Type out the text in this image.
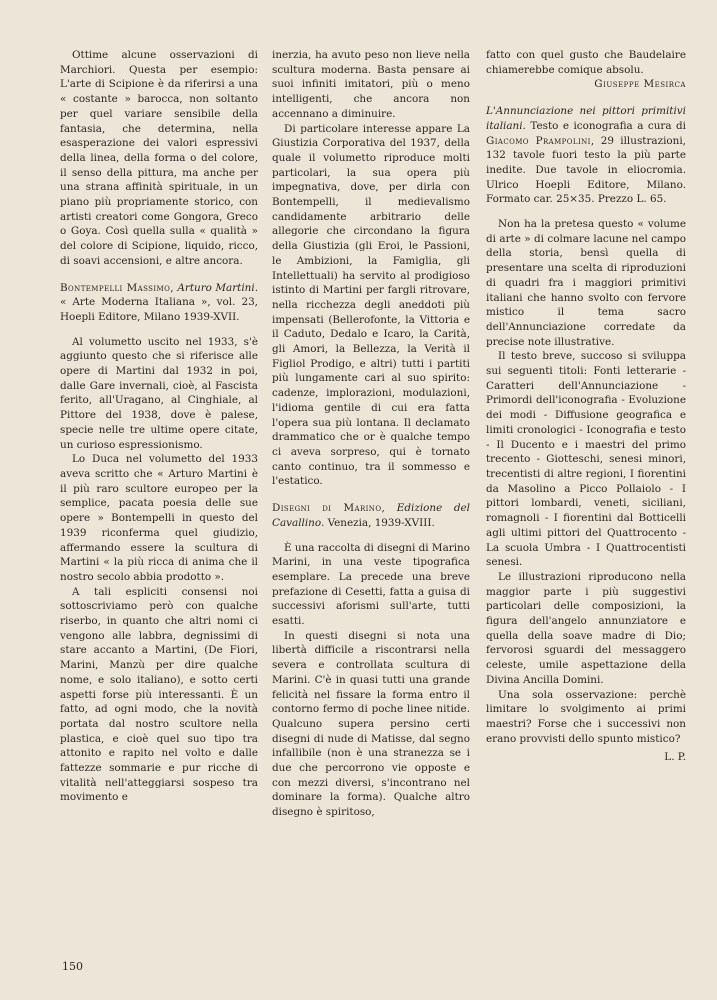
Ottime alcune osservazioni di Marchiori. Questa per esempio: L'arte di Scipione è da riferirsi a una « costante » barocca, non soltanto per quel variare sensibile della fantasia, che determina, nella esasperazione dei valori espressivi della linea, della forma o del colore, il senso della pittura, ma anche per una strana affinità spirituale, in un piano più propriamente storico, con artisti creatori come Gongora, Greco o Goya. Così quella sulla « qualità » del colore di Scipione, liquido, ricco, di soavi accensioni, e altre ancora.

Bontempelli Massimo, Arturo Martini. « Arte Moderna Italiana », vol. 23, Hoepli Editore, Milano 1939-XVII.

Al volumetto uscito nel 1933, s'è aggiunto questo che si riferisce alle opere di Martini dal 1932 in poi, dalle Gare invernali, cioè, al Fascista ferito, all'Uragano, al Cinghiale, al Pittore del 1938, dove è palese, specie nelle tre ultime opere citate, un curioso espressionismo.

Lo Duca nel volumetto del 1933 aveva scritto che « Arturo Martini è il più raro scultore europeo per la semplice, pacata poesia delle sue opere » Bontempelli in questo del 1939 riconferma quel giudizio, affermando essere la scultura di Martini « la più ricca di anima che il nostro secolo abbia prodotto ».

A tali espliciti consensi noi sottoscriviamo però con qualche riserbo, in quanto che altri nomi ci vengono alle labbra, degnissimi di stare accanto a Martini, (De Fiori, Marini, Manzù per dire qualche nome, e solo italiano), e sotto certi aspetti forse più interessanti. È un fatto, ad ogni modo, che la novità portata dal nostro scultore nella plastica, e cioè quel suo tipo tra attonito e rapito nel volto e dalle fattezze sommarie e pur ricche di vitalità nell'atteggiarsi sospeso tra movimento e

inerzia, ha avuto peso non lieve nella scultura moderna. Basta pensare ai suoi infiniti imitatori, più o meno intelligenti, che ancora non accennano a diminuire.

Di particolare interesse appare La Giustizia Corporativa del 1937, della quale il volumetto riproduce molti particolari, la sua opera più impegnativa, dove, per dirla con Bontempelli, il medievalismo candidamente arbitrario delle allegorie che circondano la figura della Giustizia (gli Eroi, le Passioni, le Ambizioni, la Famiglia, gli Intellettuali) ha servito al prodigioso istinto di Martini per fargli ritrovare, nella ricchezza degli aneddoti più impensati (Bellerofonte, la Vittoria e il Caduto, Dedalo e Icaro, la Carità, gli Amori, la Bellezza, la Verità il Figliol Prodigo, e altri) tutti i partiti più lungamente cari al suo spirito: cadenze, implorazioni, modulazioni, l'idioma gentile di cui era fatta l'opera sua più lontana. Il declamato drammatico che or è qualche tempo ci aveva sorpreso, qui è tornato canto continuo, tra il sommesso e l'estatico.

Disegni di Marino, Edizione del Cavallino. Venezia, 1939-XVIII.

È una raccolta di disegni di Marino Marini, in una veste tipografica esemplare. La precede una breve prefazione di Cesetti, fatta a guisa di successivi aforismi sull'arte, tutti esatti.

In questi disegni si nota una libertà difficile a riscontrarsi nella severa e controllata scultura di Marini. C'è in quasi tutti una grande felicità nel fissare la forma entro il contorno fermo di poche linee nitide. Qualcuno supera persino certi disegni di nude di Matisse, dal segno infallibile (non è una stranezza se i due che percorrono vie opposte e con mezzi diversi, s'incontrano nel dominare la forma). Qualche altro disegno è spiritoso,

fatto con quel gusto che Baudelaire chiamerebbe comique absolu.

Giuseppe Mesirca

L'Annunciazione nei pittori primitivi italiani. Testo e iconografia a cura di Giacomo Prampolini, 29 illustrazioni, 132 tavole fuori testo la più parte inedite. Due tavole in eliocromia. Ulrico Hoepli Editore, Milano. Formato car. 25×35. Prezzo L. 65.

Non ha la pretesa questo « volume di arte » di colmare lacune nel campo della storia, bensì quella di presentare una scelta di riproduzioni di quadri fra i maggiori primitivi italiani che hanno svolto con fervore mistico il tema sacro dell'Annunciazione corredate da precise note illustrative.

Il testo breve, succoso si sviluppa sui seguenti titoli: Fonti letterarie - Caratteri dell'Annunciazione - Primordi dell'iconografia - Evoluzione dei modi - Diffusione geografica e limiti cronologici - Iconografia e testo - Il Ducento e i maestri del primo trecento - Giotteschi, senesi minori, trecentisti di altre regioni, I fiorentini da Masolino a Picco Pollaiolo - I pittori lombardi, veneti, siciliani, romagnoli - I fiorentini dal Botticelli agli ultimi pittori del Quattrocento - La scuola Umbra - I Quattrocentisti senesi.

Le illustrazioni riproducono nella maggior parte i più suggestivi particolari delle composizioni, la figura dell'angelo annunziatore e quella della soave madre di Dio; fervorosi sguardi del messaggero celeste, umile aspettazione della Divina Ancilla Domini.

Una sola osservazione: perchè limitare lo svolgimento ai primi maestri? Forse che i successivi non erano provvisti dello spunto mistico?

L. P.

150
